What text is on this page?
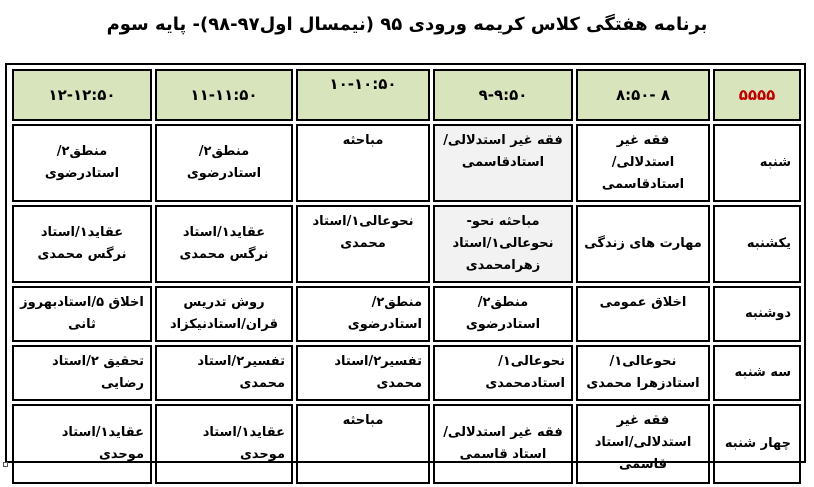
برنامه هفتگی کلاس کریمه ورودی ۹۵ (نیمسال اول۹۷-۹۸)- پایه سوم
۵۵۵۵	۸ -۸:۵۰	۹-۹:۵۰	۱۰-۱۰:۵۰	۱۱-۱۱:۵۰	۱۲-۱۲:۵۰
شنبه	فقه غیر استدلالی/استادقاسمی	فقه غیر استدلالی/استادقاسمی	مباحثه	منطق۲/استادرضوی	منطق۲/استادرضوی
یکشنبه	مهارت های زندگی	مباحثه نحو- نحوعالی۱/استاد زهرامحمدی	نحوعالی۱/استاد محمدی	عقاید۱/استاد نرگس محمدی	عقاید۱/استاد نرگس محمدی
دوشنبه	اخلاق عمومی	منطق۲/استادرضوی	منطق۲/استادرضوی	روش تدریس قران/استادنیکزاد	اخلاق ۵/استادبهروز ثانی
سه شنبه	نحوعالی۱/استادزهرا محمدی	نحوعالی۱/استادمحمدی	تفسیر۲/استاد محمدی	تفسیر۲/استاد محمدی	تحقیق ۲/استاد رضایی
چهار شنبه	فقه غیر استدلالی/استاد قاسمی	فقه غیر استدلالی/استاد قاسمی	مباحثه	عقاید۱/استاد موحدی	عقاید۱/استاد موحدی
